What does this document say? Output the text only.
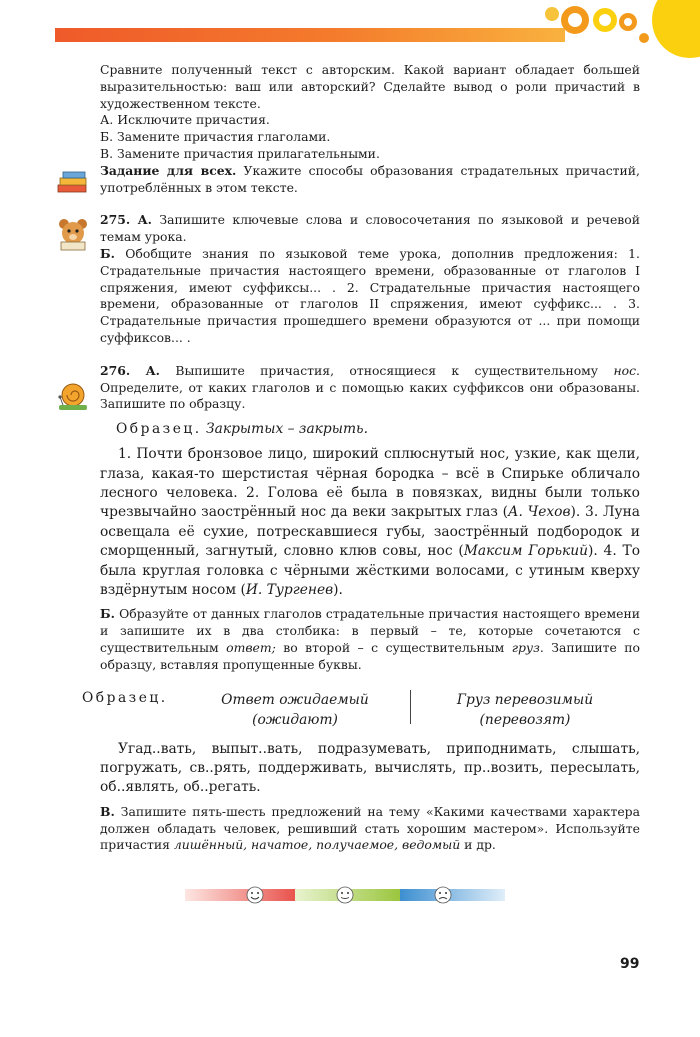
Сравните полученный текст с авторским. Какой вариант обладает большей выразительностью: ваш или авторский? Сделайте вывод о роли причастий в художественном тексте.

А. Исключите причастия.

Б. Замените причастия глаголами.

В. Замените причастия прилагательными.

Задание для всех. Укажите способы образования страдательных причастий, употреблённых в этом тексте.

275. А. Запишите ключевые слова и словосочетания по языковой и речевой темам урока.

Б. Обобщите знания по языковой теме урока, дополнив предложения: 1. Страдательные причастия настоящего времени, образованные от глаголов I спряжения, имеют суффиксы... . 2. Страдательные причастия настоящего времени, образованные от глаголов II спряжения, имеют суффикс... . 3. Страдательные причастия прошедшего времени образуются от ... при помощи суффиксов... .

276. А. Выпишите причастия, относящиеся к существительному нос. Определите, от каких глаголов и с помощью каких суффиксов они образованы. Запишите по образцу.

Образец. Закрытых – закрыть.

1. Почти бронзовое лицо, широкий сплюснутый нос, узкие, как щели, глаза, какая-то шерстистая чёрная бородка – всё в Спирьке обличало лесного человека. 2. Голова её была в повязках, видны были только чрезвычайно заострённый нос да веки закрытых глаз (А. Чехов). 3. Луна освещала её сухие, потрескавшиеся губы, заострённый подбородок и сморщенный, загнутый, словно клюв совы, нос (Максим Горький). 4. То была круглая головка с чёрными жёсткими волосами, с утиным кверху вздёрнутым носом (И. Тургенев).

Б. Образуйте от данных глаголов страдательные причастия настоящего времени и запишите их в два столбика: в первый – те, которые сочетаются с существительным ответ; во второй – с существительным груз. Запишите по образцу, вставляя пропущенные буквы.

Образец.	Ответ ожидаемый
(ожидают)
Груз перевозимый
(перевозят)

Угад..вать, выпыт..вать, подразумевать, приподнимать, слышать, погружать, св..рять, поддерживать, вычислять, пр..возить, пересылать, об..являть, об..регать.

В. Запишите пять-шесть предложений на тему «Какими качествами характера должен обладать человек, решивший стать хорошим мастером». Используйте причастия лишённый, начатое, получаемое, ведомый и др.

99
